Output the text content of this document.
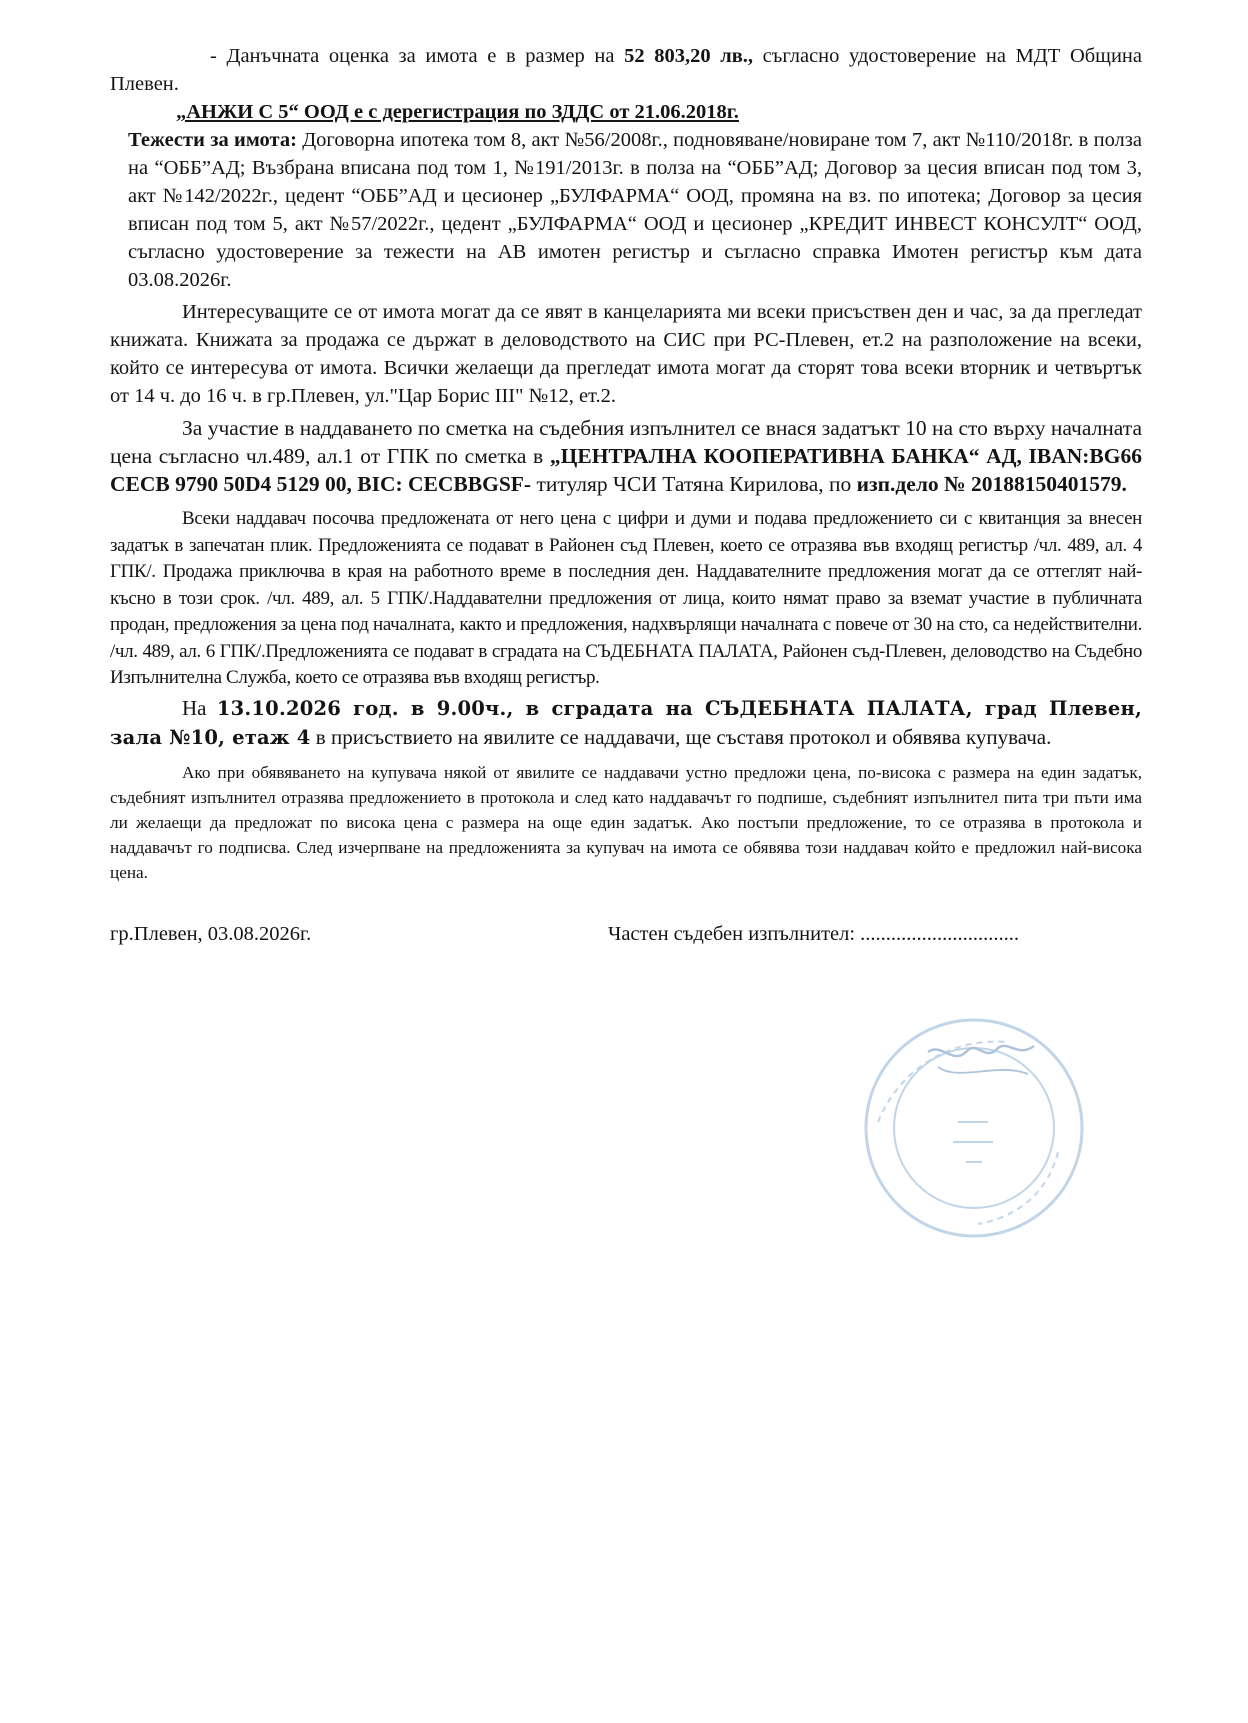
- Данъчната оценка за имота е в размер на 52 803,20 лв., съгласно удостоверение на МДТ Община Плевен.

„АНЖИ С 5“ ООД е с дерегистрация по ЗДДС от 21.06.2018г.

Тежести за имота: Договорна ипотека том 8, акт №56/2008г., подновяване/новиране том 7, акт №110/2018г. в полза на “ОББ”АД; Възбрана вписана под том 1, №191/2013г. в полза на “ОББ”АД; Договор за цесия вписан под том 3, акт №142/2022г., цедент “ОББ”АД и цесионер „БУЛФАРМА“ ООД, промяна на вз. по ипотека; Договор за цесия вписан под том 5, акт №57/2022г., цедент „БУЛФАРМА“ ООД и цесионер „КРЕДИТ ИНВЕСТ КОНСУЛТ“ ООД, съгласно удостоверение за тежести на АВ имотен регистър и съгласно справка Имотен регистър към дата 03.08.2026г.

Интересуващите се от имота могат да се явят в канцеларията ми всеки присъствен ден и час, за да прегледат книжата. Книжата за продажа се държат в деловодството на СИС при РС-Плевен, ет.2 на разположение на всеки, който се интересува от имота. Всички желаещи да прегледат имота могат да сторят това всеки вторник и четвъртък от 14 ч. до 16 ч. в гр.Плевен, ул."Цар Борис III" №12, ет.2.

За участие в наддаването по сметка на съдебния изпълнител се внася задатъкт 10 на сто върху началната цена съгласно чл.489, ал.1 от ГПК по сметка в „ЦЕНТРАЛНА КООПЕРАТИВНА БАНКА“ АД, IBAN:BG66 CECB 9790 50D4 5129 00, BIC: CECBBGSF- титуляр ЧСИ Татяна Кирилова, по изп.дело № 20188150401579.

Всеки наддавач посочва предложената от него цена с цифри и думи и подава предложението си с квитанция за внесен задатък в запечатан плик. Предложенията се подават в Районен съд Плевен, което се отразява във входящ регистър /чл. 489, ал. 4 ГПК/. Продажа приключва в края на работното време в последния ден. Наддавателните предложения могат да се оттеглят най-късно в този срок. /чл. 489, ал. 5 ГПК/.Наддавателни предложения от лица, които нямат право за вземат участие в публичната продан, предложения за цена под началната, както и предложения, надхвърлящи началната с повече от 30 на сто, са недействителни. /чл. 489, ал. 6 ГПК/.Предложенията се подават в сградата на СЪДЕБНАТА ПАЛАТА, Районен съд-Плевен, деловодство на Съдебно Изпълнителна Служба, което се отразява във входящ регистър.

На 13.10.2026 год. в 9.00ч., в сградата на СЪДЕБНАТА ПАЛАТА, град Плевен, зала №10, етаж 4 в присъствието на явилите се наддавачи, ще съставя протокол и обявява купувача.

Ако при обявяването на купувача някой от явилите се наддавачи устно предложи цена, по-висока с размера на един задатък, съдебният изпълнител отразява предложението в протокола и след като наддавачът го подпише, съдебният изпълнител пита три пъти има ли желаещи да предложат по висока цена с размера на още един задатък. Ако постъпи предложение, то се отразява в протокола и наддавачът го подписва. След изчерпване на предложенията за купувач на имота се обявява този наддавач който е предложил най-висока цена.

гр.Плевен, 03.08.2026г.	Частен съдебен изпълнител: ...............................
